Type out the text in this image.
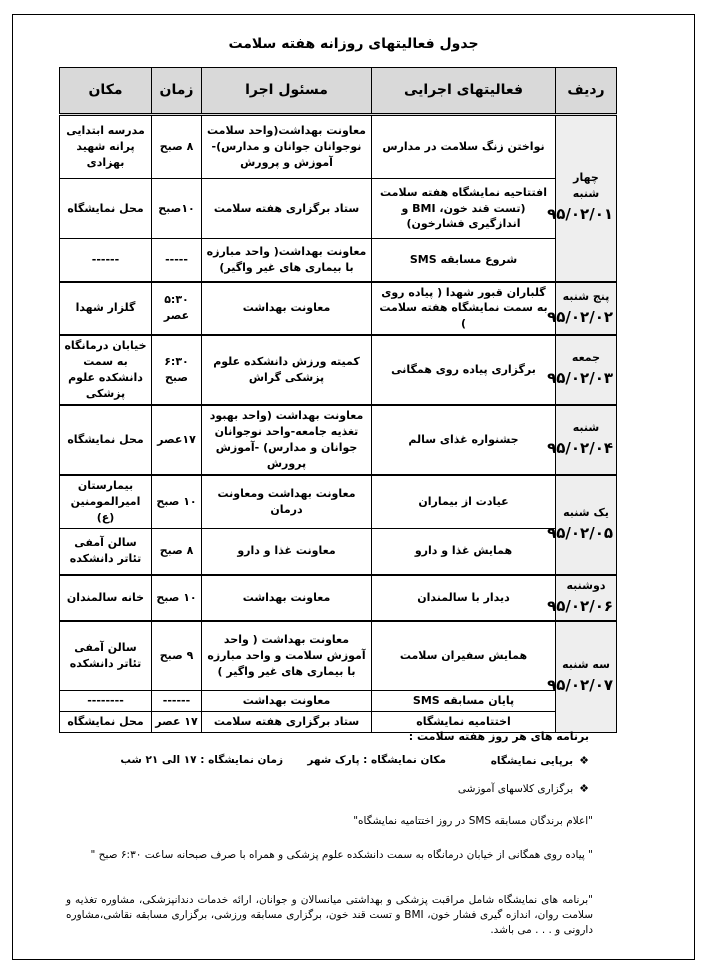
جدول فعالیتهای روزانه هفته سلامت
ردیف	فعالیتهای اجرایی	مسئول اجرا	زمان	مکان
چهار شنبه
۹۵/۰۲/۰۱	نواختن زنگ سلامت در مدارس	معاونت بهداشت(واحد سلامت نوجوانان جوانان و مدارس)- آموزش و پرورش	۸ صبح	مدرسه ابتدایی پرانه شهید بهزادی
	افتتاحیه نمایشگاه هفته سلامت (تست قند خون، BMI و اندازگیری فشارخون)	ستاد برگزاری هفته سلامت	۱۰صبح	محل نمایشگاه
	شروع مسابقه SMS	معاونت بهداشت( واحد مبارزه با بیماری های غیر واگیر)	-----	------
پنج شنبه
۹۵/۰۲/۰۲	گلباران قبور شهدا ( پیاده روی به سمت نمایشگاه هفته سلامت )	معاونت بهداشت	۵:۳۰ عصر	گلزار شهدا
جمعه
۹۵/۰۲/۰۳	برگزاری پیاده روی همگانی	کمیته ورزش دانشکده علوم پزشکی گراش	۶:۳۰ صبح	خیابان درمانگاه به سمت دانشکده علوم پزشکی
شنبه
۹۵/۰۲/۰۴	جشنواره غذای سالم	معاونت بهداشت (واحد بهبود تغذیه جامعه-واحد نوجوانان جوانان و مدارس) -آموزش پرورش	۱۷عصر	محل نمایشگاه
یک شنبه
۹۵/۰۲/۰۵	عیادت از بیماران	معاونت بهداشت ومعاونت درمان	۱۰ صبح	بیمارستان امیرالمومنین (ع)
	همایش غذا و دارو	معاونت غذا و دارو	۸ صبح	سالن آمفی تئاتر دانشکده
دوشنبه
۹۵/۰۲/۰۶	دیدار با سالمندان	معاونت بهداشت	۱۰ صبح	خانه سالمندان
سه شنبه
۹۵/۰۲/۰۷	همایش سفیران سلامت	معاونت بهداشت ( واحد آموزش سلامت و واحد مبارزه با بیماری های غیر واگیر )	۹ صبح	سالن آمفی تئاتر دانشکده
	پایان مسابقه SMS	معاونت بهداشت	------	--------
	اختتامیه نمایشگاه	ستاد برگزاری هفته سلامت	۱۷ عصر	محل نمایشگاه
برنامه های هر روز هفته سلامت :
❖برپایی نمایشگاه
مکان نمایشگاه : پارک شهر
زمان نمایشگاه : ۱۷ الی ۲۱ شب
❖برگزاری کلاسهای آموزشی
"اعلام برندگان مسابقه SMS در روز اختتامیه نمایشگاه"
" پیاده روی همگانی از خیابان درمانگاه به سمت دانشکده علوم پزشکی و همراه با صرف صبحانه ساعت ۶:۳۰ صبح "
"برنامه های نمایشگاه شامل مراقبت پزشکی و بهداشتی میانسالان و جوانان، ارائه خدمات دندانپزشکی، مشاوره تغذیه و سلامت روان، اندازه گیری فشار خون، BMI و تست قند خون، برگزاری مسابقه ورزشی، برگزاری مسابقه نقاشی،مشاوره دارونی و . . . می باشد.
